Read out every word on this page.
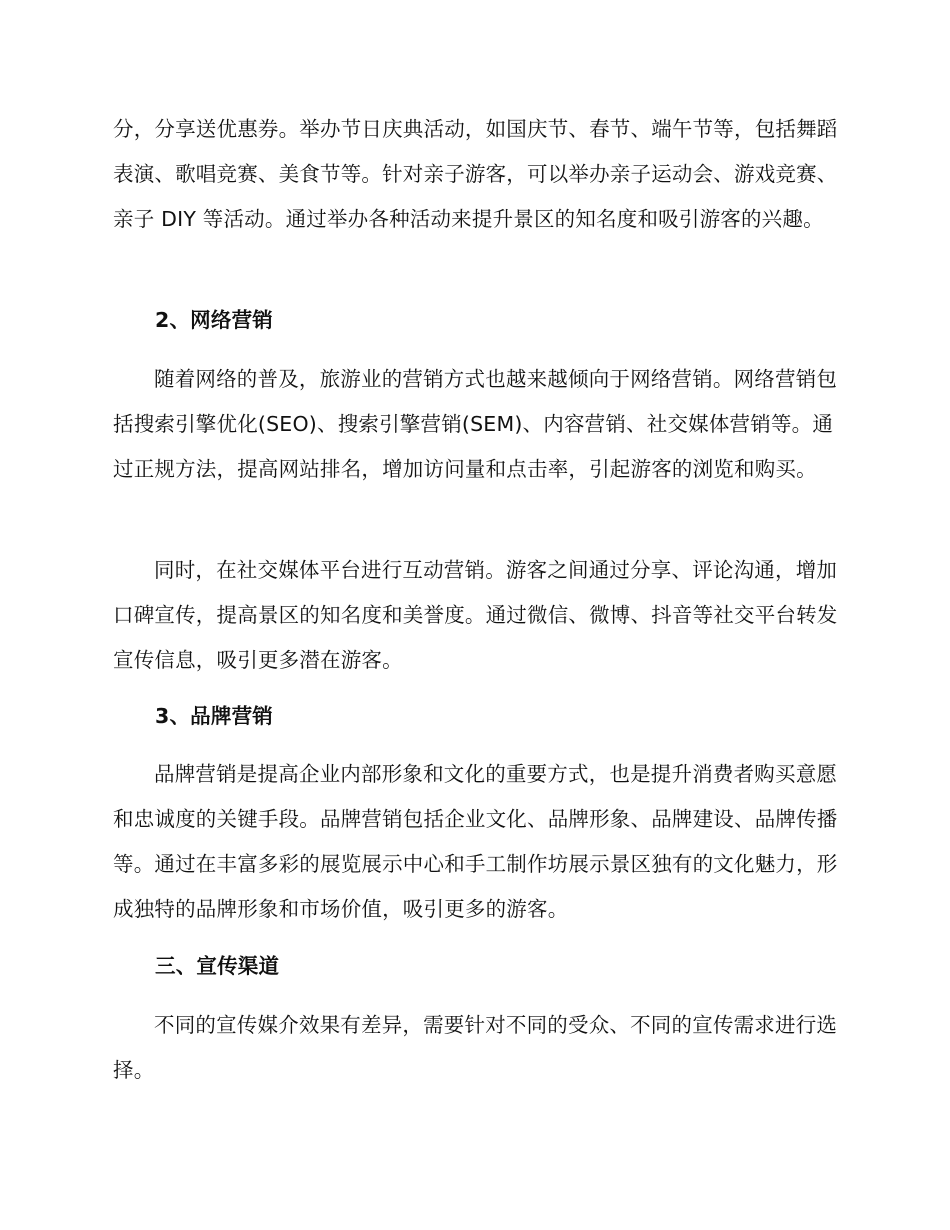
分，分享送优惠券。举办节日庆典活动，如国庆节、春节、端午节等，包括舞蹈表演、歌唱竞赛、美食节等。针对亲子游客，可以举办亲子运动会、游戏竞赛、亲子 DIY 等活动。通过举办各种活动来提升景区的知名度和吸引游客的兴趣。

2、网络营销

随着网络的普及，旅游业的营销方式也越来越倾向于网络营销。网络营销包括搜索引擎优化(SEO)、搜索引擎营销(SEM)、内容营销、社交媒体营销等。通过正规方法，提高网站排名，增加访问量和点击率，引起游客的浏览和购买。

同时，在社交媒体平台进行互动营销。游客之间通过分享、评论沟通，增加口碑宣传，提高景区的知名度和美誉度。通过微信、微博、抖音等社交平台转发宣传信息，吸引更多潜在游客。

3、品牌营销

品牌营销是提高企业内部形象和文化的重要方式，也是提升消费者购买意愿和忠诚度的关键手段。品牌营销包括企业文化、品牌形象、品牌建设、品牌传播等。通过在丰富多彩的展览展示中心和手工制作坊展示景区独有的文化魅力，形成独特的品牌形象和市场价值，吸引更多的游客。

三、宣传渠道

不同的宣传媒介效果有差异，需要针对不同的受众、不同的宣传需求进行选择。
